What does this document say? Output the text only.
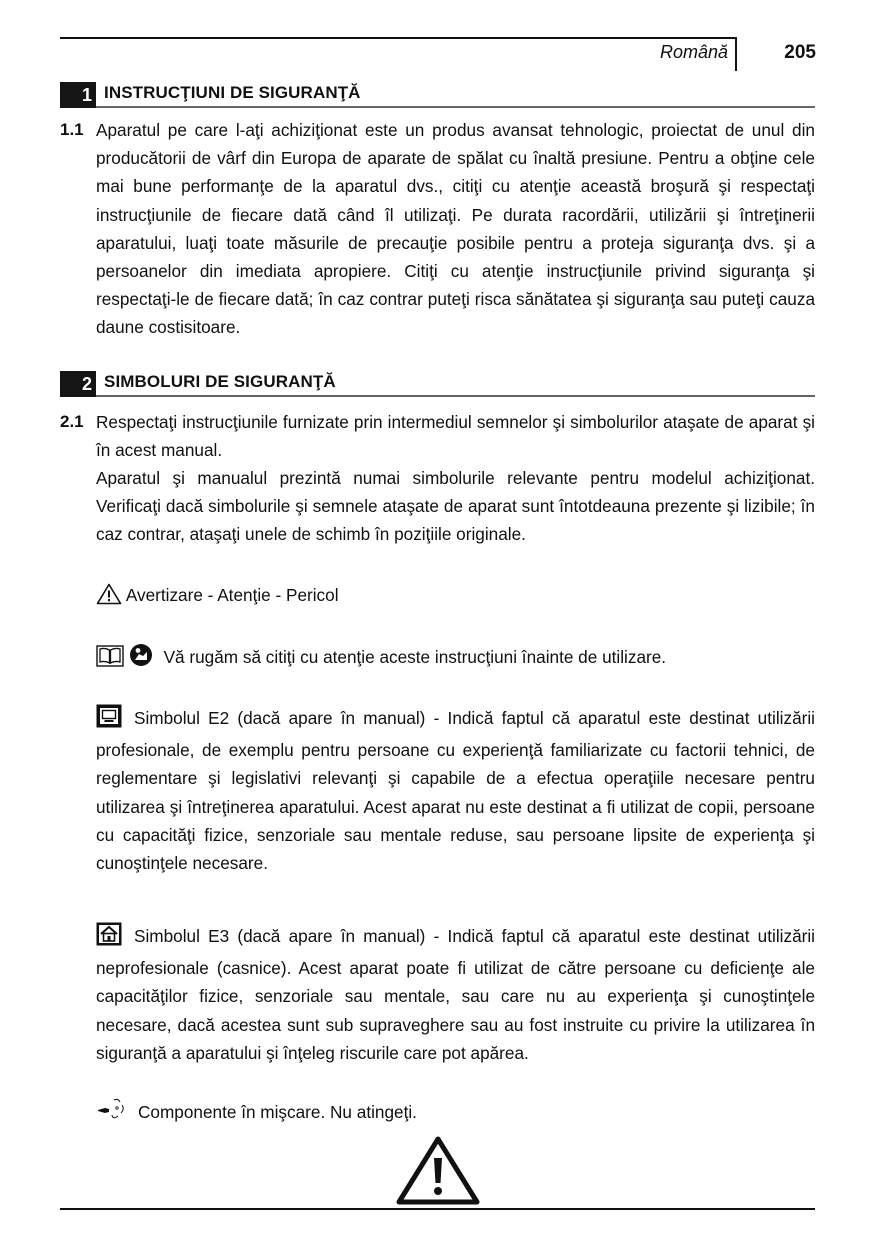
Română	205
1 INSTRUCŢIUNI DE SIGURANŢĂ
1.1 Aparatul pe care l-aţi achiziţionat este un produs avansat tehnologic, proiectat de unul din producătorii de vârf din Europa de aparate de spălat cu înaltă presiune. Pentru a obţine cele mai bune performanţe de la aparatul dvs., citiţi cu atenţie această broşură şi respectaţi instrucţiunile de fiecare dată când îl utilizaţi. Pe durata racordării, utilizării şi întreţinerii aparatului, luaţi toate măsurile de precauţie posibile pentru a proteja siguranţa dvs. şi a persoanelor din imediata apropiere. Citiţi cu atenţie instrucţiunile privind siguranţa şi respectaţi-le de fiecare dată; în caz contrar puteţi risca sănătatea şi siguranţa sau puteţi cauza daune costisitoare.
2 SIMBOLURI DE SIGURANŢĂ
2.1 Respectaţi instrucţiunile furnizate prin intermediul semnelor şi simbolurilor ataşate de aparat şi în acest manual.
Aparatul şi manualul prezintă numai simbolurile relevante pentru modelul achiziţionat. Verificaţi dacă simbolurile şi semnele ataşate de aparat sunt întotdeauna prezente şi lizibile; în caz contrar, ataşaţi unele de schimb în poziţiile originale.
Avertizare - Atenţie - Pericol
Vă rugăm să citiţi cu atenţie aceste instrucţiuni înainte de utilizare.
Simbolul E2 (dacă apare în manual) - Indică faptul că aparatul este destinat utilizării profesionale, de exemplu pentru persoane cu experienţă familiarizate cu factorii tehnici, de reglementare şi legislativi relevanţi şi capabile de a efectua operaţiile necesare pentru utilizarea şi întreţinerea aparatului. Acest aparat nu este destinat a fi utilizat de copii, persoane cu capacităţi fizice, senzoriale sau mentale reduse, sau persoane lipsite de experienţa şi cunoştinţele necesare.
Simbolul E3 (dacă apare în manual) - Indică faptul că aparatul este destinat utilizării neprofesionale (casnice). Acest aparat poate fi utilizat de către persoane cu deficienţe ale capacităţilor fizice, senzoriale sau mentale, sau care nu au experienţa şi cunoştinţele necesare, dacă acestea sunt sub supraveghere sau au fost instruite cu privire la utilizarea în siguranţă a aparatului şi înţeleg riscurile care pot apărea.
Componente în mişcare. Nu atingeţi.
